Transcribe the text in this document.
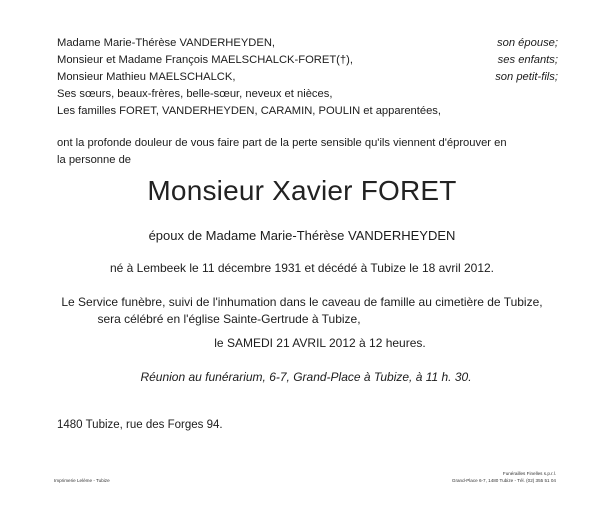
Madame Marie-Thérèse VANDERHEYDEN,	son épouse;
Monsieur et Madame François MAELSCHALCK-FORET(†),	ses enfants;
Monsieur Mathieu MAELSCHALCK,	son petit-fils;
Ses sœurs, beaux-frères, belle-sœur, neveux et nièces,
Les familles FORET, VANDERHEYDEN, CARAMIN, POULIN et apparentées,
ont la profonde douleur de vous faire part de la perte sensible qu'ils viennent d'éprouver en
la personne de
Monsieur Xavier FORET
époux de Madame Marie-Thérèse VANDERHEYDEN
né à Lembeek le 11 décembre 1931 et décédé à Tubize le 18 avril 2012.
Le Service funèbre, suivi de l'inhumation dans le caveau de famille au cimetière de Tubize,
sera célébré en l'église Sainte-Gertrude à Tubize,
le SAMEDI 21 AVRIL 2012 à 12 heures.
Réunion au funérarium, 6-7, Grand-Place à Tubize, à 11 h. 30.
1480 Tubize, rue des Forges 94.
Imprimerie Lelème - Tubize
Funérailles Finelles s.p.r.l.
Grand-Place 6-7, 1480 Tubize - Tél. (02) 355 51 04
